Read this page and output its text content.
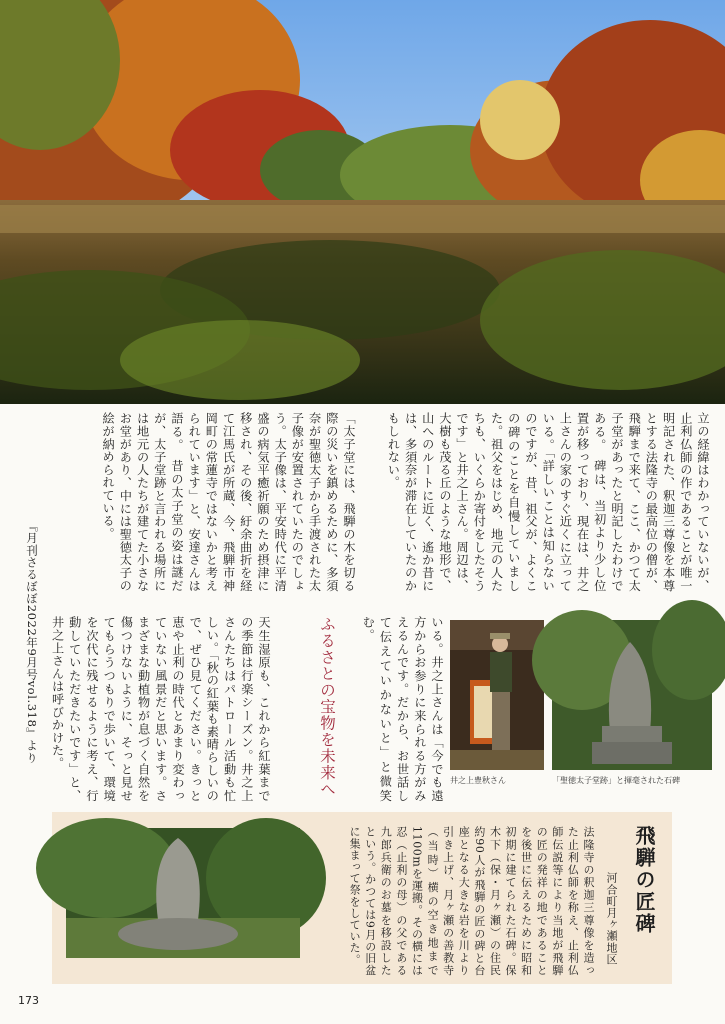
立の経緯はわかっていないが、止利仏師の作であることが唯一明記された、釈迦三尊像を本尊とする法隆寺の最高位の僧が、飛騨まで来て、ここ、かつて太子堂があったと明記したわけである。　碑は、当初より少し位置が移っており、現在は、井之上さんの家のすぐ近くに立っている。「詳しいことは知らないのですが、昔、祖父が、よくこの碑のことを自慢していました。祖父をはじめ、地元の人たちも、いくらか寄付をしたそうです」と井之上さん。周辺は、大樹も茂る丘のような地形で、山へのルートに近く、遙か昔には、多須奈が滞在していたのかもしれない。
「太子堂には、飛騨の木を切る際の災いを鎮めるために、多須奈が聖徳太子から手渡された太子像が安置されていたのでしょう。太子像は、平安時代に平清盛の病気平癒祈願のため摂津に移され、その後、紆余曲折を経て江馬氏が所蔵、今、飛騨市神岡町の常蓮寺ではないかと考えられています」と、安達さんは語る。　昔の太子堂の姿は謎だが、太子堂跡と言われる場所には地元の人たちが建てた小さなお堂があり、中には聖徳太子の絵が納められている。
いる。井之上さんは「今でも遠方からお参りに来られる方がみえるんです。だから、お世話して伝えていかないと」と微笑む。
ふるさとの宝物を未来へ
天生湿原も、これから紅葉までの季節は行楽シーズン。井之上さんたちはパトロール活動も忙しい。「秋の紅葉も素晴らしいので、ぜひ見てください。きっと恵や止利の時代とあまり変わっていない風景だと思います。さまざまな動植物が息づく自然を傷つけないように、そっと見せてもらうつもりで歩いて、環境を次代に残せるように考え、行動していただきたいです」と、井之上さんは呼びかけた。
『月刊さるぼぼ2022年9月号vol.318』より
井之上豊秋さん	「聖徳太子堂跡」と揮毫された石碑
飛騨の匠碑
河合町月ヶ瀬地区
法隆寺の釈迦三尊像を造った止利仏師を称え、止利仏師伝説等により当地が飛騨の匠の発祥の地であることを後世に伝えるために昭和初期に建てられた石碑。保木下（保・月ヶ瀬）の住民約90人が飛騨の匠の碑と台座となる大きな岩を川より引き上げ、月ヶ瀬の善教寺（当時）横の空き地まで1100mを運搬。その横には忍（止利の母）の父である九郎兵衛のお墓を移設したという。かつては9月の旧盆に集まって祭をしていた。
173
